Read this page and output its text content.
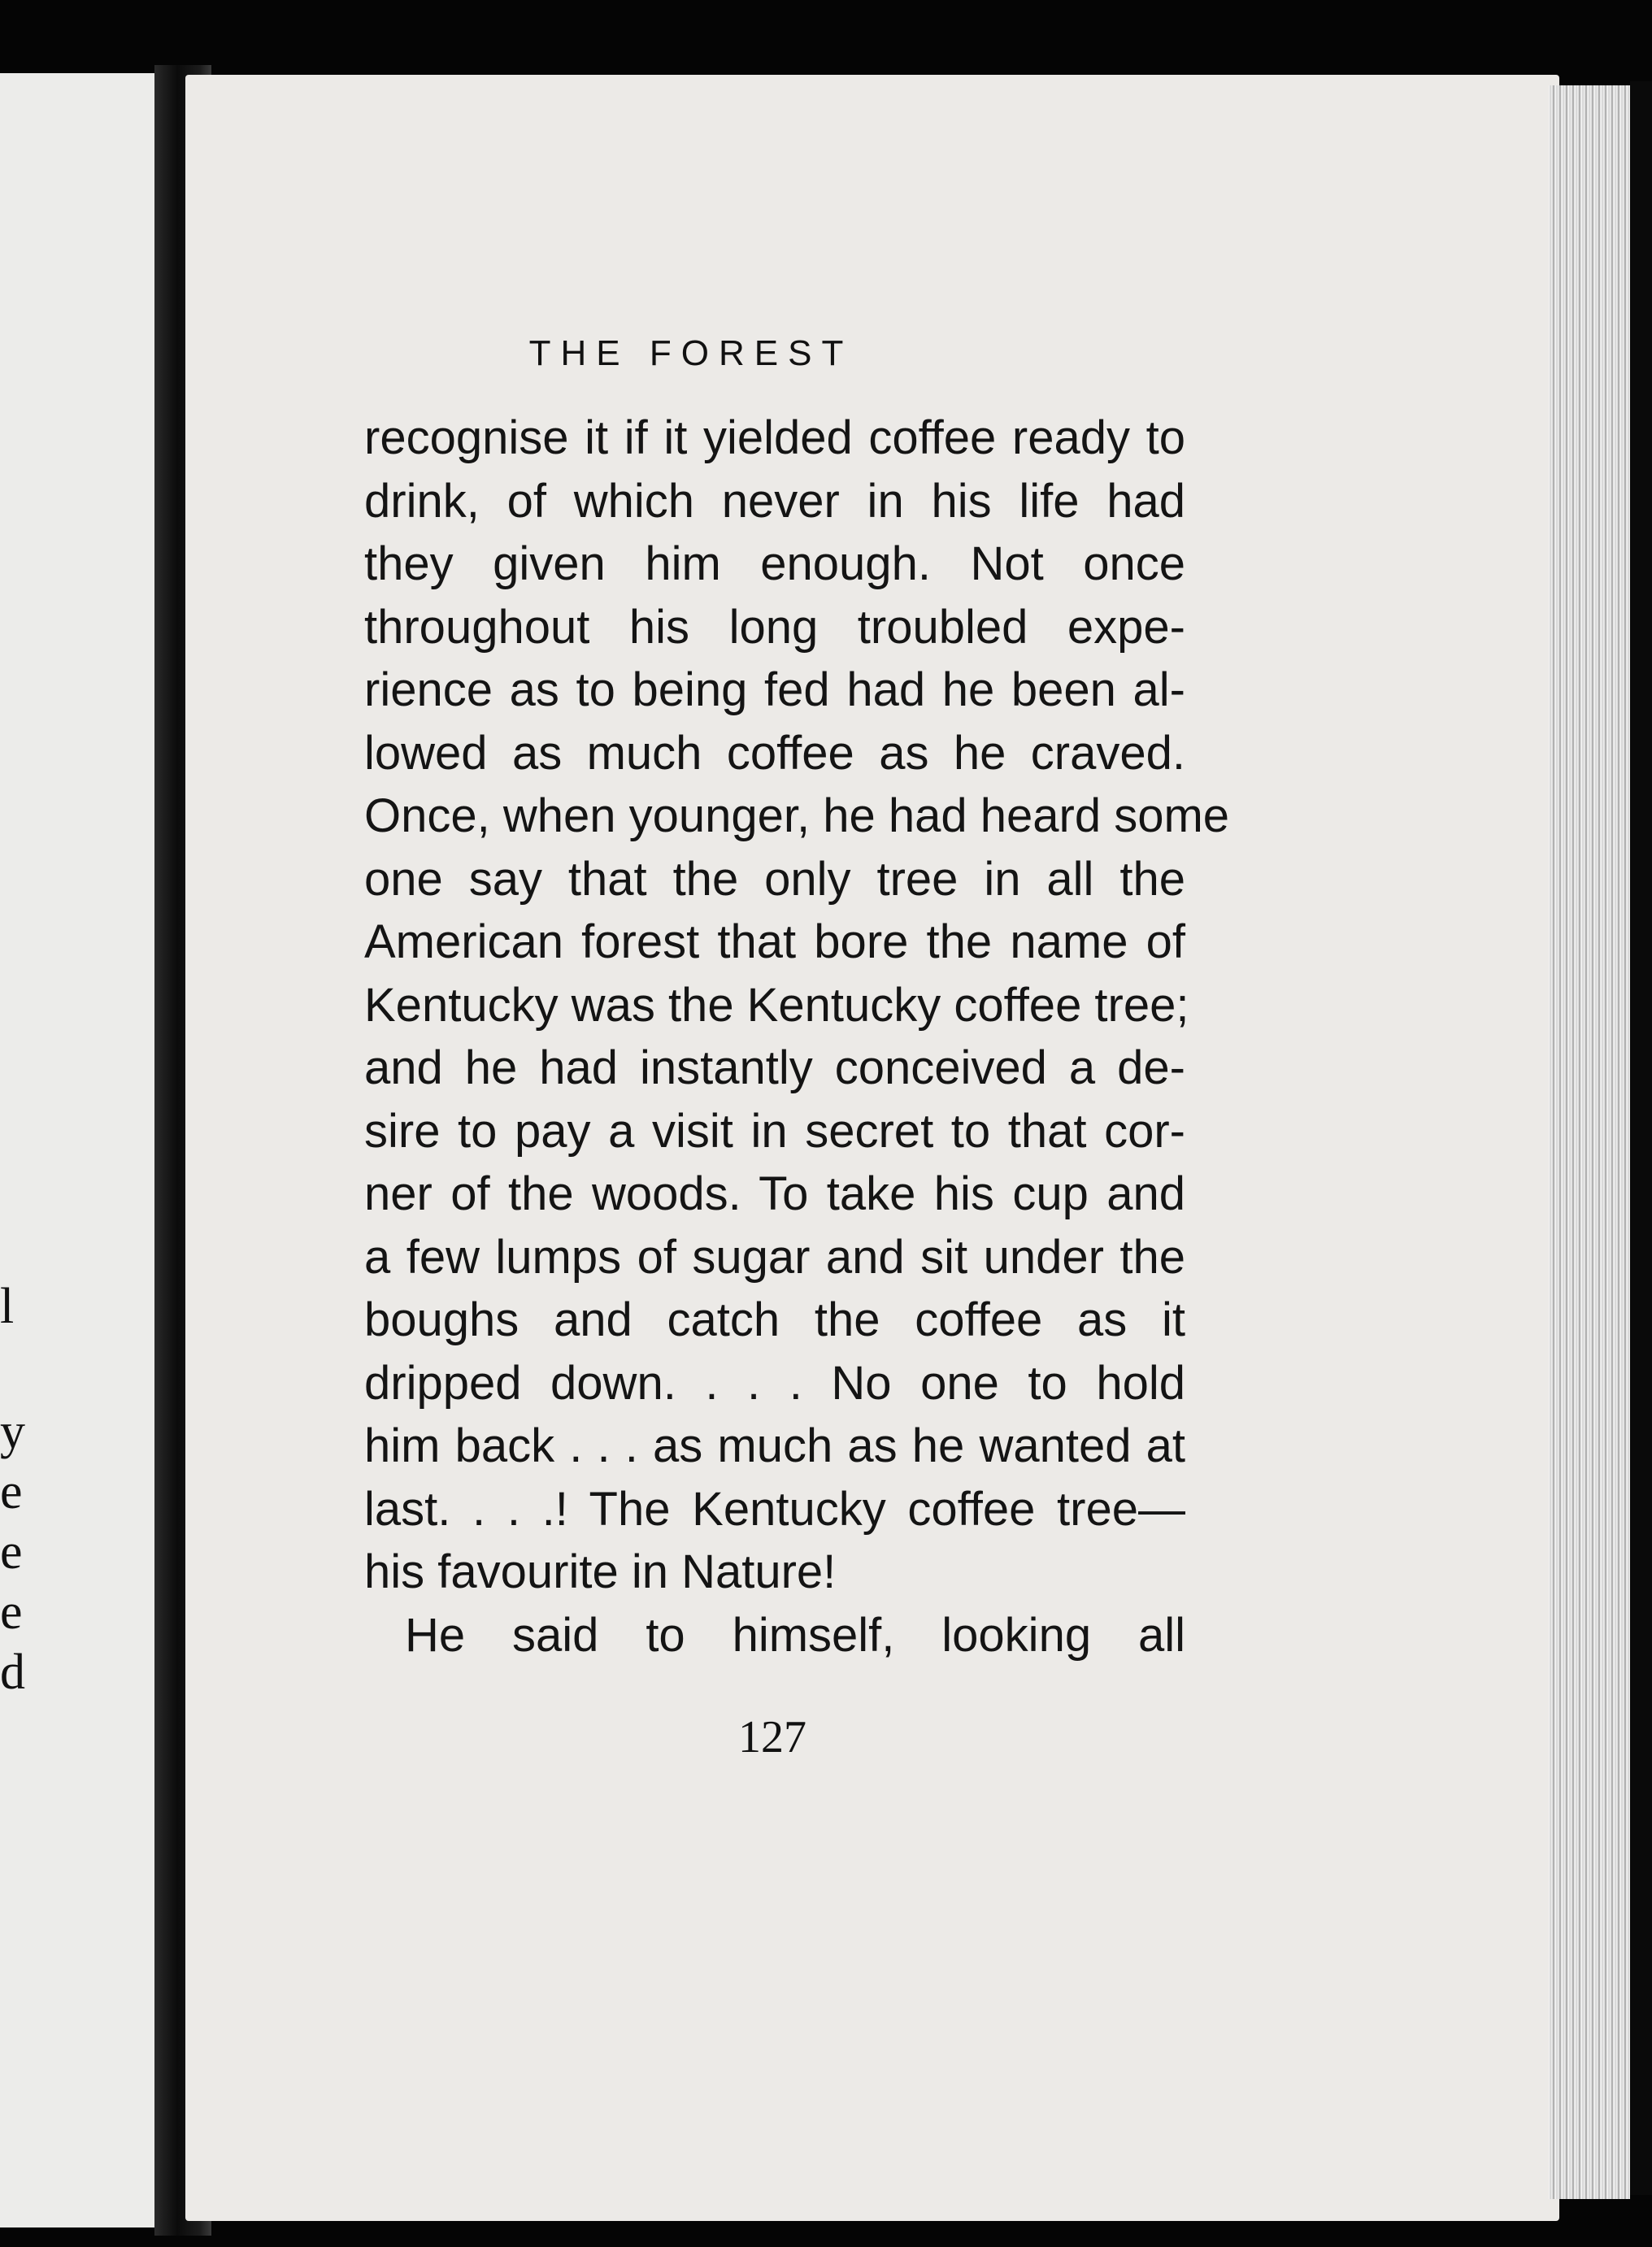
l
y
e
e
e
d
THE FOREST
recognise it if it yielded coffee ready to
drink, of which never in his life had
they given him enough. Not once
throughout his long troubled expe-
rience as to being fed had he been al-
lowed as much coffee as he craved.
Once, when younger, he had heard some
one say that the only tree in all the
American forest that bore the name of
Kentucky was the Kentucky coffee tree;
and he had instantly conceived a de-
sire to pay a visit in secret to that cor-
ner of the woods. To take his cup and
a few lumps of sugar and sit under the
boughs and catch the coffee as it
dripped down. . . . No one to hold
him back . . . as much as he wanted at
last. . . .! The Kentucky coffee tree—
his favourite in Nature!
He said to himself, looking all
127
